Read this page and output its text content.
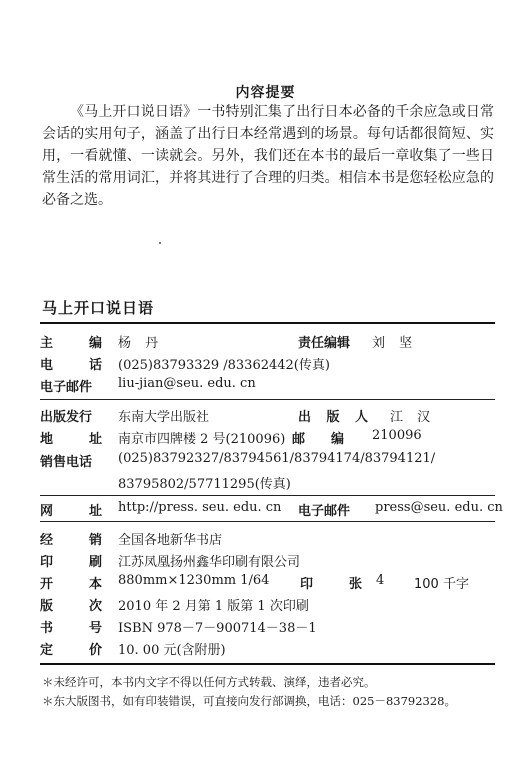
内容提要

《马上开口说日语》一书特别汇集了出行日本必备的千余应急或日常会话的实用句子，涵盖了出行日本经常遇到的场景。每句话都很简短、实用，一看就懂、一读就会。另外，我们还在本书的最后一章收集了一些日常生活的常用词汇，并将其进行了合理的归类。相信本书是您轻松应急的必备之选。

马上开口说日语
主	编 杨 丹	责任编辑 刘 坚
电	话 (025)83793329 /83362442(传真)
电子邮件	liu-jian@seu. edu. cn
出版发行	东南大学出版社	出 版 人 江 汉
地	址 南京市四牌楼 2 号(210096) 邮 编 210096
销售电话	(025)83792327/83794561/83794174/83794121/
83795802/57711295(传真)
网	址 http://press. seu. edu. cn 电子邮件 press@seu. edu. cn
经	销 全国各地新华书店
印	刷 江苏凤凰扬州鑫华印刷有限公司
开	本 880mm×1230mm 1/64 印	张 4 100 千字
版	次 2010 年 2 月第 1 版第 1 次印刷
书	号 ISBN 978－7－900714－38－1
定	价 10. 00 元(含附册)
＊未经许可，本书内文字不得以任何方式转载、演绎，违者必究。
＊东大版图书，如有印装错误，可直接向发行部调换，电话：025－83792328。
